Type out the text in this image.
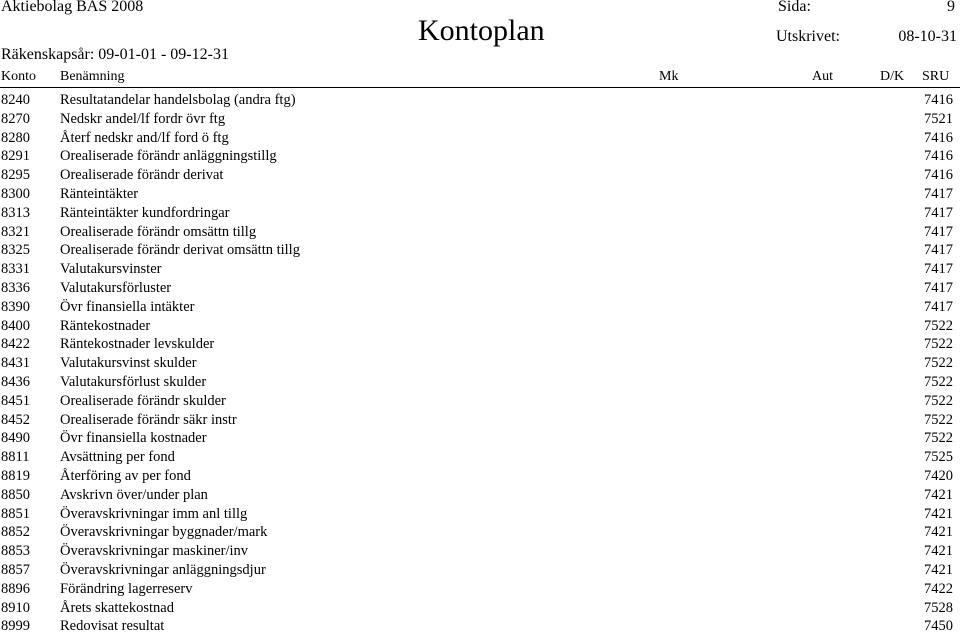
Aktiebolag BAS 2008	Sida:	9
Kontoplan	Utskrivet:	08-10-31
Räkenskapsår: 09-01-01 - 09-12-31
Konto Benämning	Mk	Aut	D/K SRU
8240 Resultatandelar handelsbolag (andra ftg)	7416
8270 Nedskr andel/lf fordr övr ftg	7521
8280 Återf nedskr and/lf ford ö ftg	7416
8291 Orealiserade förändr anläggningstillg	7416
8295 Orealiserade förändr derivat	7416
8300 Ränteintäkter	7417
8313 Ränteintäkter kundfordringar	7417
8321 Orealiserade förändr omsättn tillg	7417
8325 Orealiserade förändr derivat omsättn tillg	7417
8331 Valutakursvinster	7417
8336 Valutakursförluster	7417
8390 Övr finansiella intäkter	7417
8400 Räntekostnader	7522
8422 Räntekostnader levskulder	7522
8431 Valutakursvinst skulder	7522
8436 Valutakursförlust skulder	7522
8451 Orealiserade förändr skulder	7522
8452 Orealiserade förändr säkr instr	7522
8490 Övr finansiella kostnader	7522
8811 Avsättning per fond	7525
8819 Återföring av per fond	7420
8850 Avskrivn över/under plan	7421
8851 Överavskrivningar imm anl tillg	7421
8852 Överavskrivningar byggnader/mark	7421
8853 Överavskrivningar maskiner/inv	7421
8857 Överavskrivningar anläggningsdjur	7421
8896 Förändring lagerreserv	7422
8910 Årets skattekostnad	7528
8999 Redovisat resultat	7450
